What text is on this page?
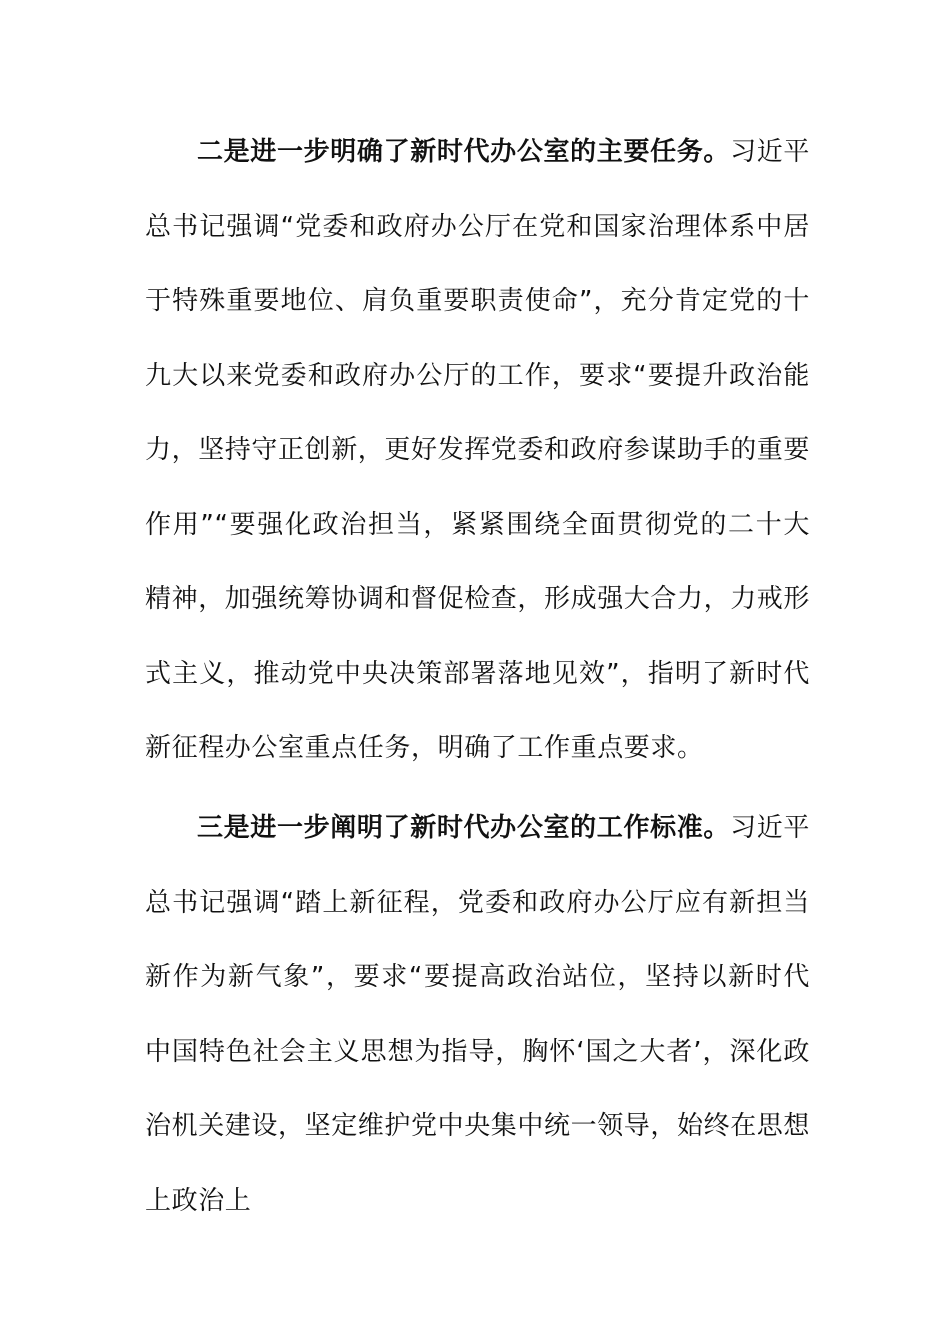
二是进一步明确了新时代办公室的主要任务。习近平总书记强调“党委和政府办公厅在党和国家治理体系中居于特殊重要地位、肩负重要职责使命”，充分肯定党的十九大以来党委和政府办公厅的工作，要求“要提升政治能力，坚持守正创新，更好发挥党委和政府参谋助手的重要作用”“要强化政治担当，紧紧围绕全面贯彻党的二十大精神，加强统筹协调和督促检查，形成强大合力，力戒形式主义，推动党中央决策部署落地见效”，指明了新时代新征程办公室重点任务，明确了工作重点要求。

三是进一步阐明了新时代办公室的工作标准。习近平总书记强调“踏上新征程，党委和政府办公厅应有新担当新作为新气象”，要求“要提高政治站位，坚持以新时代中国特色社会主义思想为指导，胸怀‘国之大者’，深化政治机关建设，坚定维护党中央集中统一领导，始终在思想上政治上
